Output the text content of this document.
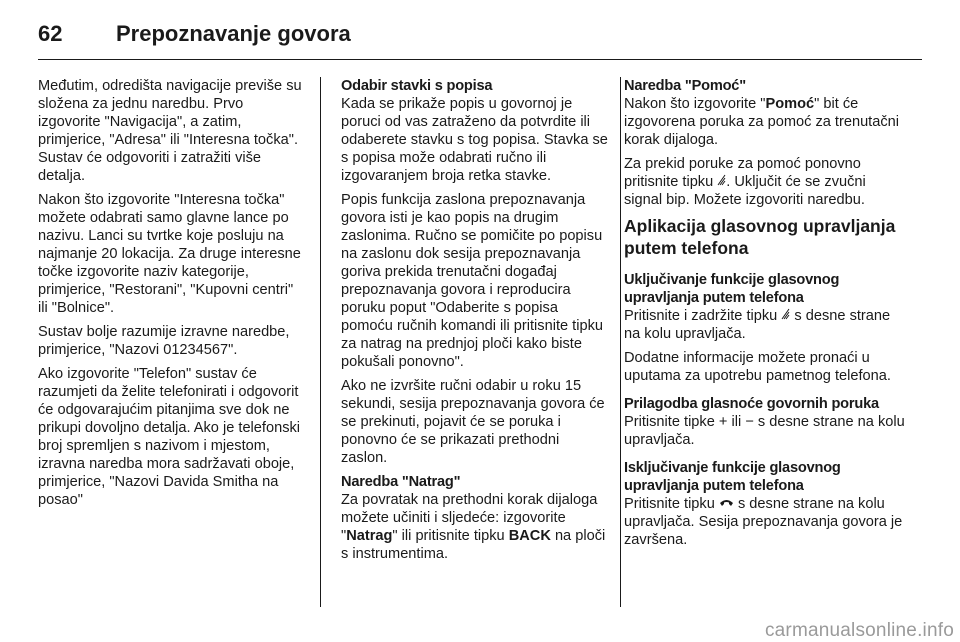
62	Prepoznavanje govora

Međutim, odredišta navigacije previše su složena za jednu naredbu. Prvo izgovorite "Navigacija", a zatim, primjerice, "Adresa" ili "Interesna točka". Sustav će odgovoriti i zatražiti više detalja.

Nakon što izgovorite "Interesna točka" možete odabrati samo glavne lance po nazivu. Lanci su tvrtke koje posluju na najmanje 20 lokacija. Za druge interesne točke izgovorite naziv kategorije, primjerice, "Restorani", "Kupovni centri" ili "Bolnice".

Sustav bolje razumije izravne naredbe, primjerice, "Nazovi 01234567".

Ako izgovorite "Telefon" sustav će razumjeti da želite telefonirati i odgovorit će odgovarajućim pitanjima sve dok ne prikupi dovoljno detalja. Ako je telefonski broj spremljen s nazivom i mjestom, izravna naredba mora sadržavati oboje, primjerice, "Nazovi Davida Smitha na posao"

Odabir stavki s popisa

Kada se prikaže popis u govornoj je poruci od vas zatraženo da potvrdite ili odaberete stavku s tog popisa. Stavka se s popisa može odabrati ručno ili izgovaranjem broja retka stavke.

Popis funkcija zaslona prepoznavanja govora isti je kao popis na drugim zaslonima. Ručno se pomičite po popisu na zaslonu dok sesija prepoznavanja goriva prekida trenutačni događaj prepoznavanja govora i reproducira poruku poput "Odaberite s popisa pomoću ručnih komandi ili pritisnite tipku za natrag na prednjoj ploči kako biste pokušali ponovno".

Ako ne izvršite ručni odabir u roku 15 sekundi, sesija prepoznavanja govora će se prekinuti, pojavit će se poruka i ponovno će se prikazati prethodni zaslon.

Naredba "Natrag"

Za povratak na prethodni korak dijaloga možete učiniti i sljedeće: izgovorite "Natrag" ili pritisnite tipku BACK na ploči s instrumentima.

Naredba "Pomoć"

Nakon što izgovorite "Pomoć" bit će izgovorena poruka za pomoć za trenutačni korak dijaloga.

Za prekid poruke za pomoć ponovno pritisnite tipku . Uključit će se zvučni signal bip. Možete izgovoriti naredbu.

Aplikacija glasovnog upravljanja putem telefona
Uključivanje funkcije glasovnog upravljanja putem telefona

Pritisnite i zadržite tipku  s desne strane na kolu upravljača.

Dodatne informacije možete pronaći u uputama za upotrebu pametnog telefona.

Prilagodba glasnoće govornih poruka

Pritisnite tipke + ili − s desne strane na kolu upravljača.

Isključivanje funkcije glasovnog upravljanja putem telefona

Pritisnite tipku  s desne strane na kolu upravljača. Sesija prepoznavanja govora je završena.

carmanualsonline.info
